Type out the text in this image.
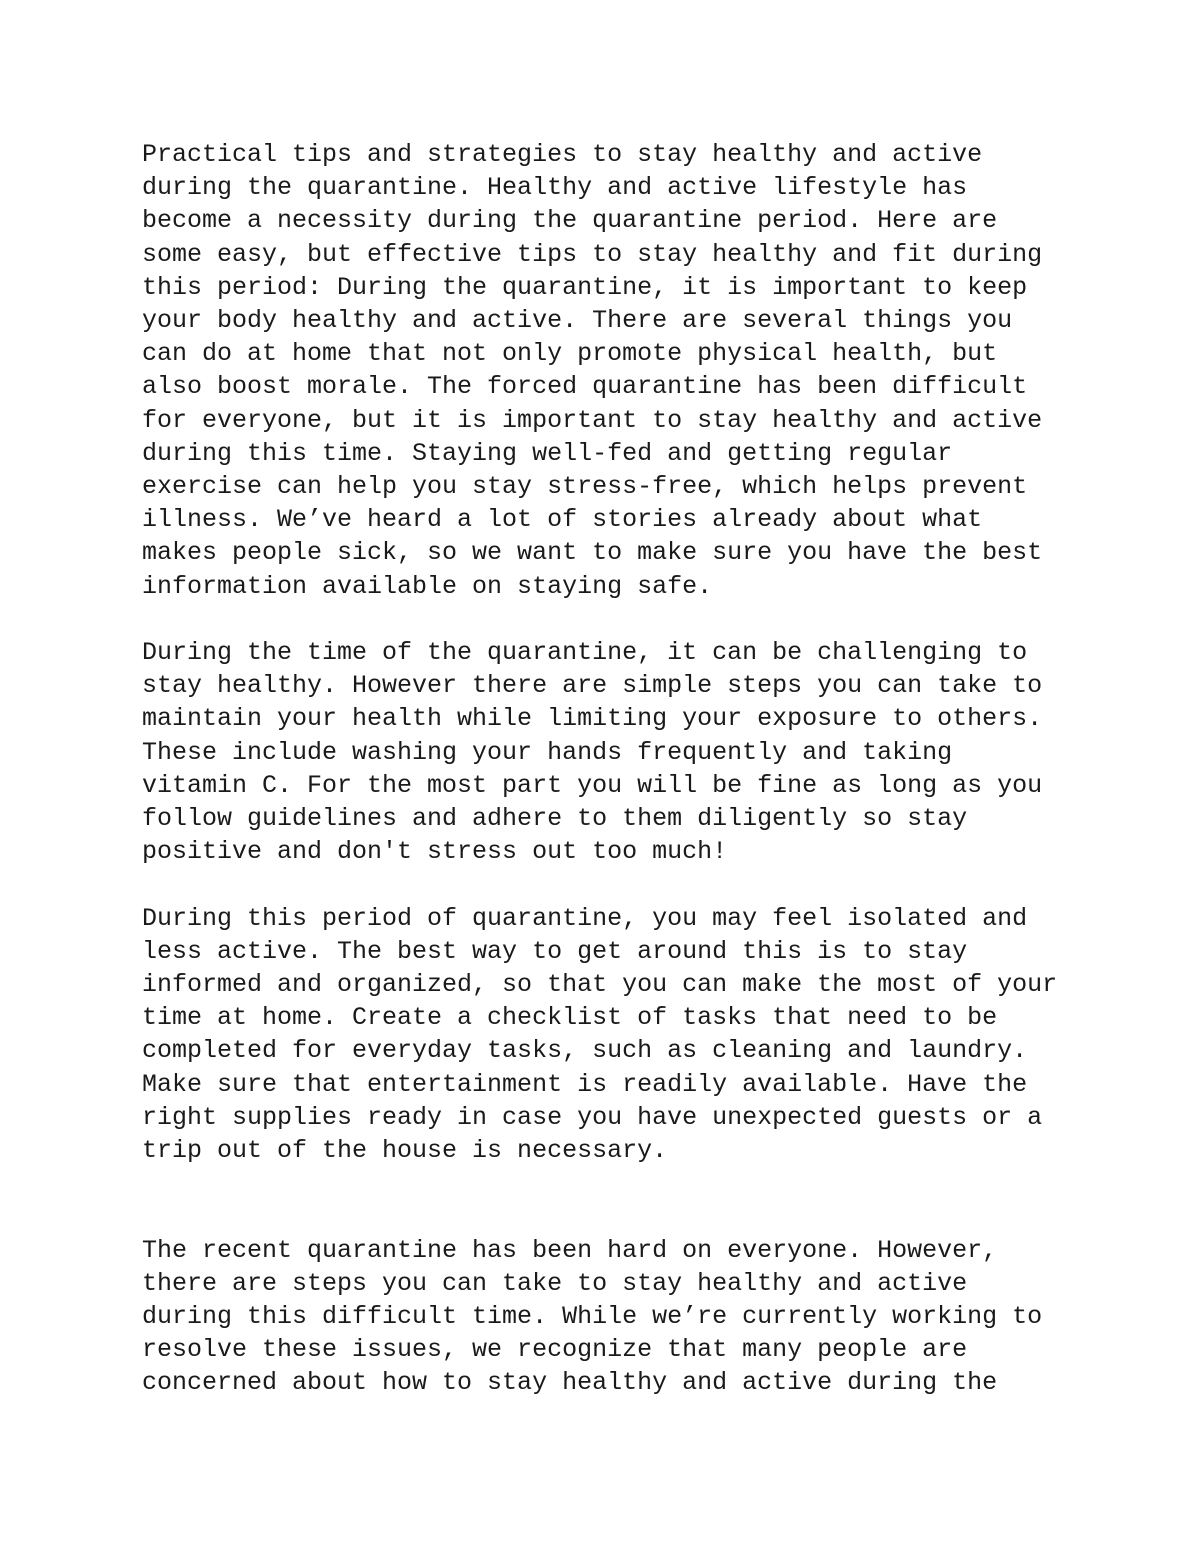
Practical tips and strategies to stay healthy and active
during the quarantine. Healthy and active lifestyle has
become a necessity during the quarantine period. Here are
some easy, but effective tips to stay healthy and fit during
this period: During the quarantine, it is important to keep
your body healthy and active. There are several things you
can do at home that not only promote physical health, but
also boost morale. The forced quarantine has been difficult
for everyone, but it is important to stay healthy and active
during this time. Staying well-fed and getting regular
exercise can help you stay stress-free, which helps prevent
illness. We’ve heard a lot of stories already about what
makes people sick, so we want to make sure you have the best
information available on staying safe.

During the time of the quarantine, it can be challenging to
stay healthy. However there are simple steps you can take to
maintain your health while limiting your exposure to others.
These include washing your hands frequently and taking
vitamin C. For the most part you will be fine as long as you
follow guidelines and adhere to them diligently so stay
positive and don't stress out too much!

During this period of quarantine, you may feel isolated and
less active. The best way to get around this is to stay
informed and organized, so that you can make the most of your
time at home. Create a checklist of tasks that need to be
completed for everyday tasks, such as cleaning and laundry.
Make sure that entertainment is readily available. Have the
right supplies ready in case you have unexpected guests or a
trip out of the house is necessary.

The recent quarantine has been hard on everyone. However,
there are steps you can take to stay healthy and active
during this difficult time. While we’re currently working to
resolve these issues, we recognize that many people are
concerned about how to stay healthy and active during the
